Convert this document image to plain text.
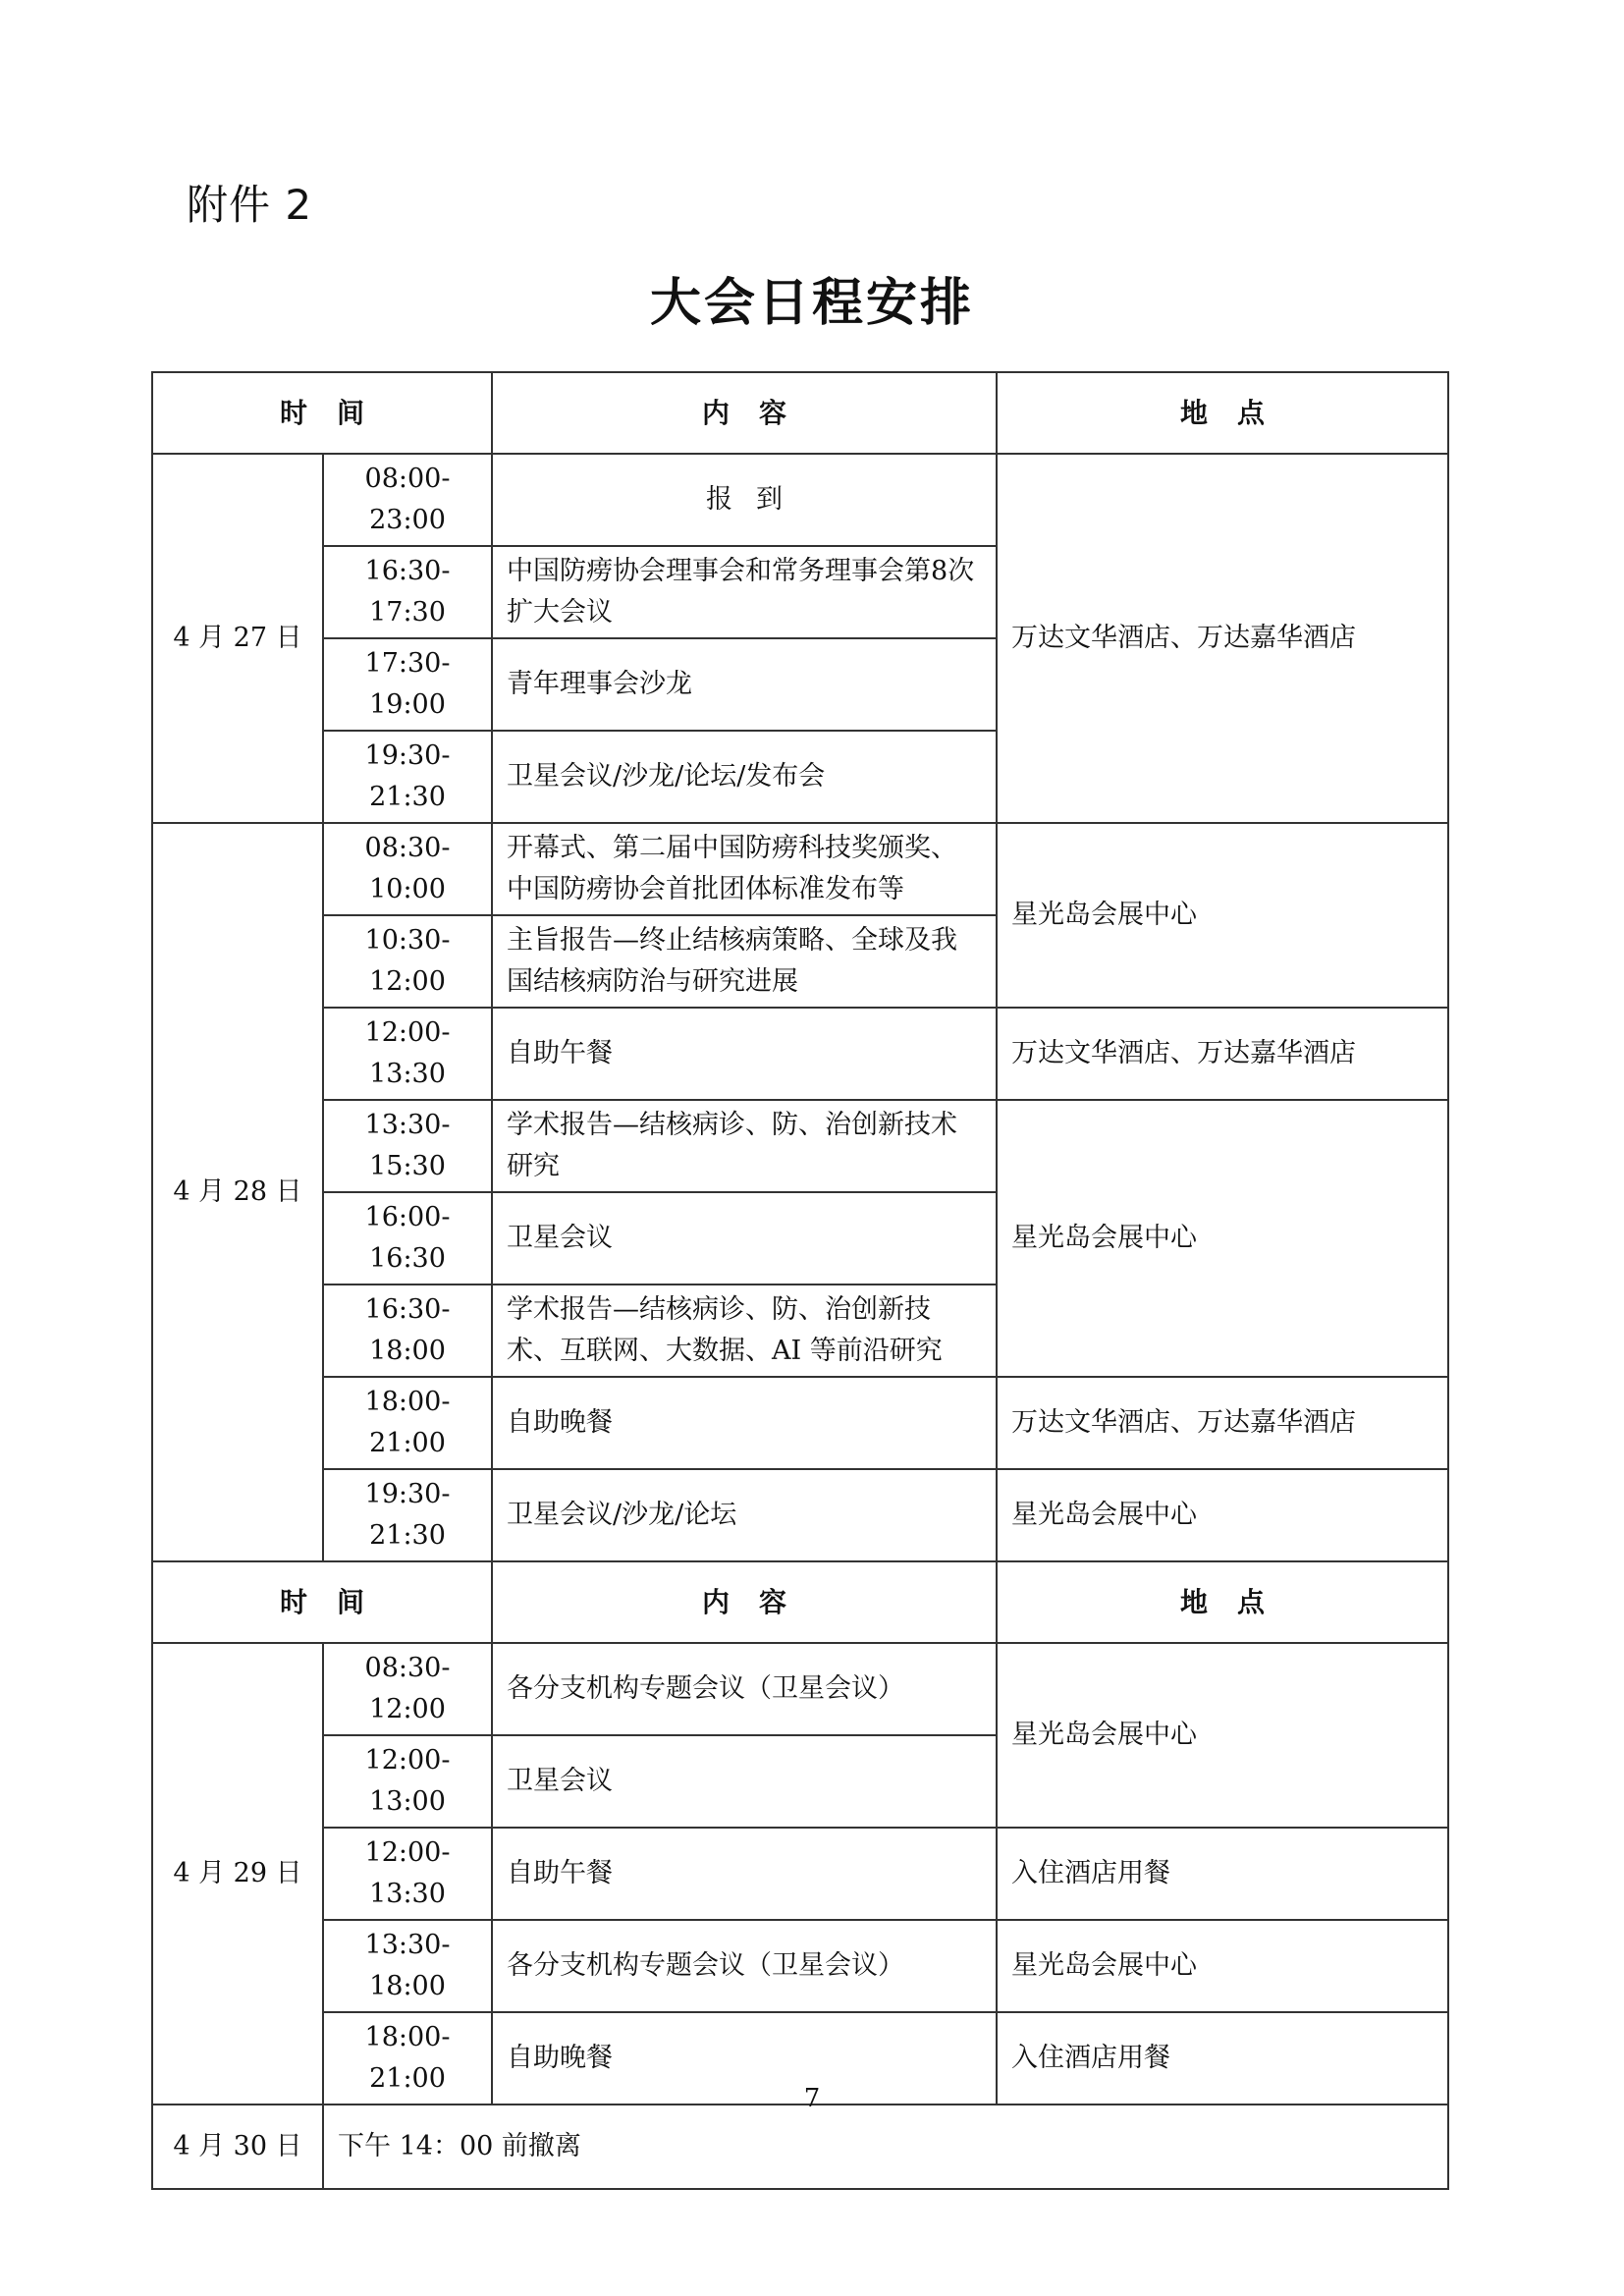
附件 2
大会日程安排
时间		内容	地点
4 月 27 日	08:00-23:00	报到	万达文华酒店、万达嘉华酒店
	16:30-17:30	中国防痨协会理事会和常务理事会第8次扩大会议	
	17:30-19:00	青年理事会沙龙	
	19:30-21:30	卫星会议/沙龙/论坛/发布会	
4 月 28 日	08:30-10:00	开幕式、第二届中国防痨科技奖颁奖、中国防痨协会首批团体标准发布等	星光岛会展中心
	10:30-12:00	主旨报告—终止结核病策略、全球及我国结核病防治与研究进展	
	12:00-13:30	自助午餐	万达文华酒店、万达嘉华酒店
	13:30-15:30	学术报告—结核病诊、防、治创新技术研究	星光岛会展中心
	16:00-16:30	卫星会议	
	16:30-18:00	学术报告—结核病诊、防、治创新技术、互联网、大数据、AI 等前沿研究	
	18:00-21:00	自助晚餐	万达文华酒店、万达嘉华酒店
	19:30-21:30	卫星会议/沙龙/论坛	星光岛会展中心
时间		内容	地点
4 月 29 日	08:30-12:00	各分支机构专题会议（卫星会议）	星光岛会展中心
	12:00-13:00	卫星会议	
	12:00-13:30	自助午餐	入住酒店用餐
	13:30-18:00	各分支机构专题会议（卫星会议）	星光岛会展中心
	18:00-21:00	自助晚餐	入住酒店用餐
4 月 30 日	下午 14：00 前撤离		
7
